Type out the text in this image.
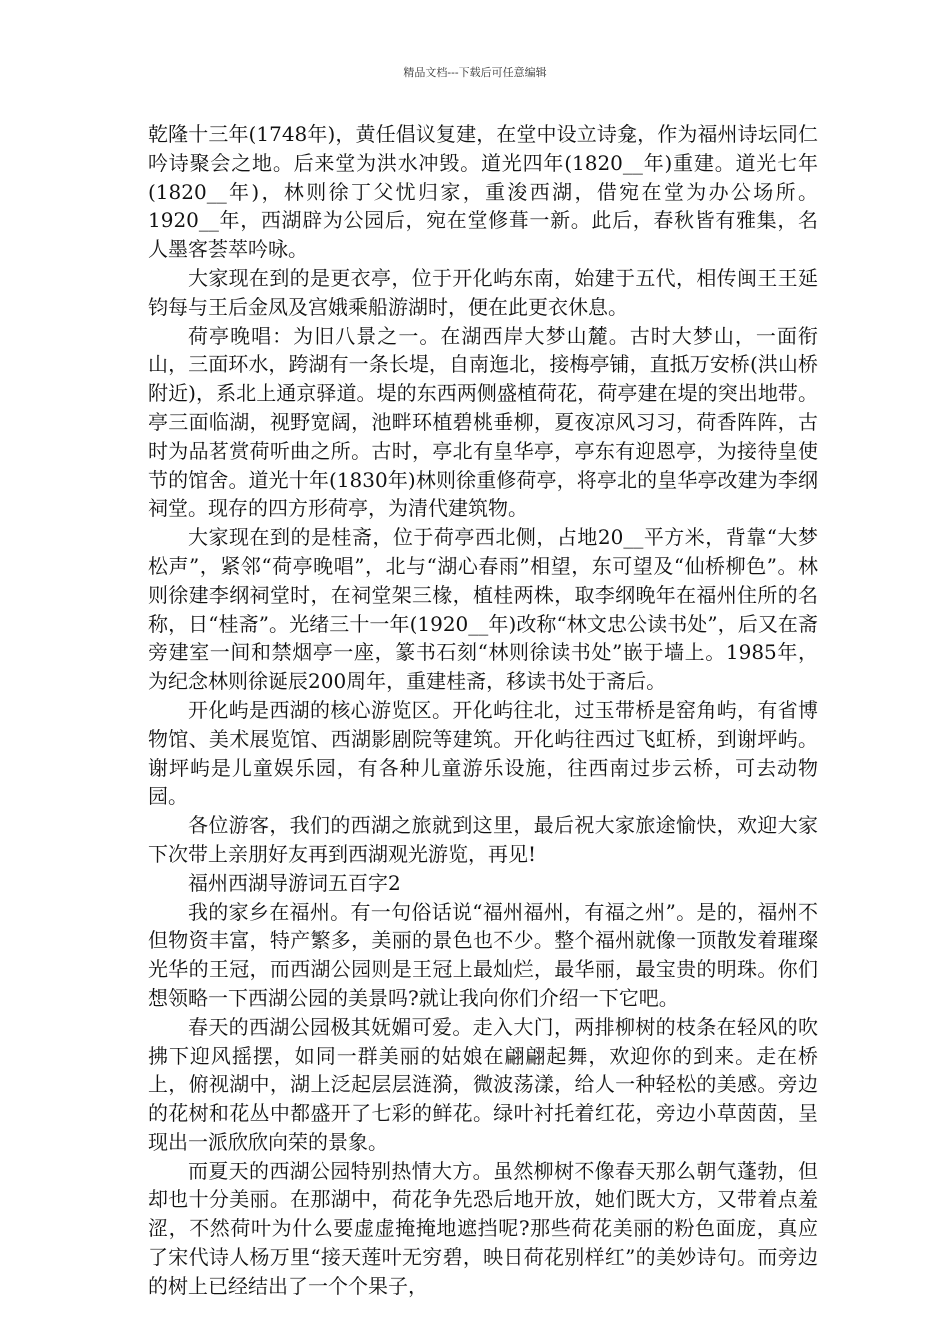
精品文档---下载后可任意编辑

乾隆十三年(1748年)，黄任倡议复建，在堂中设立诗龛，作为福州诗坛同仁吟诗聚会之地。后来堂为洪水冲毁。道光四年(1820__年)重建。道光七年(1820__年)，林则徐丁父忧归家，重浚西湖，借宛在堂为办公场所。1920__年，西湖辟为公园后，宛在堂修葺一新。此后，春秋皆有雅集，名人墨客荟萃吟咏。

大家现在到的是更衣亭，位于开化屿东南，始建于五代，相传闽王王延钧每与王后金凤及宫娥乘船游湖时，便在此更衣休息。

荷亭晚唱：为旧八景之一。在湖西岸大梦山麓。古时大梦山，一面衔山，三面环水，跨湖有一条长堤，自南迤北，接梅亭铺，直抵万安桥(洪山桥附近)，系北上通京驿道。堤的东西两侧盛植荷花，荷亭建在堤的突出地带。亭三面临湖，视野宽阔，池畔环植碧桃垂柳，夏夜凉风习习，荷香阵阵，古时为品茗赏荷听曲之所。古时，亭北有皇华亭，亭东有迎恩亭，为接待皇使节的馆舍。道光十年(1830年)林则徐重修荷亭，将亭北的皇华亭改建为李纲祠堂。现存的四方形荷亭，为清代建筑物。

大家现在到的是桂斋，位于荷亭西北侧，占地20__平方米，背靠“大梦松声”，紧邻“荷亭晚唱”，北与“湖心春雨”相望，东可望及“仙桥柳色”。林则徐建李纲祠堂时，在祠堂架三椽，植桂两株，取李纲晚年在福州住所的名称，日“桂斋”。光绪三十一年(1920__年)改称“林文忠公读书处”，后又在斋旁建室一间和禁烟亭一座，篆书石刻“林则徐读书处”嵌于墙上。1985年，为纪念林则徐诞辰200周年，重建桂斋，移读书处于斋后。

开化屿是西湖的核心游览区。开化屿往北，过玉带桥是窑角屿，有省博物馆、美术展览馆、西湖影剧院等建筑。开化屿往西过飞虹桥，到谢坪屿。谢坪屿是儿童娱乐园，有各种儿童游乐设施，往西南过步云桥，可去动物园。

各位游客，我们的西湖之旅就到这里，最后祝大家旅途愉快，欢迎大家下次带上亲朋好友再到西湖观光游览，再见!

福州西湖导游词五百字2

我的家乡在福州。有一句俗话说“福州福州，有福之州”。是的，福州不但物资丰富，特产繁多，美丽的景色也不少。整个福州就像一顶散发着璀璨光华的王冠，而西湖公园则是王冠上最灿烂，最华丽，最宝贵的明珠。你们想领略一下西湖公园的美景吗?就让我向你们介绍一下它吧。

春天的西湖公园极其妩媚可爱。走入大门，两排柳树的枝条在轻风的吹拂下迎风摇摆，如同一群美丽的姑娘在翩翩起舞，欢迎你的到来。走在桥上，俯视湖中，湖上泛起层层涟漪，微波荡漾，给人一种轻松的美感。旁边的花树和花丛中都盛开了七彩的鲜花。绿叶衬托着红花，旁边小草茵茵，呈现出一派欣欣向荣的景象。

而夏天的西湖公园特别热情大方。虽然柳树不像春天那么朝气蓬勃，但却也十分美丽。在那湖中，荷花争先恐后地开放，她们既大方，又带着点羞涩，不然荷叶为什么要虚虚掩掩地遮挡呢?那些荷花美丽的粉色面庞，真应了宋代诗人杨万里“接天莲叶无穷碧，映日荷花别样红”的美妙诗句。而旁边的树上已经结出了一个个果子，
